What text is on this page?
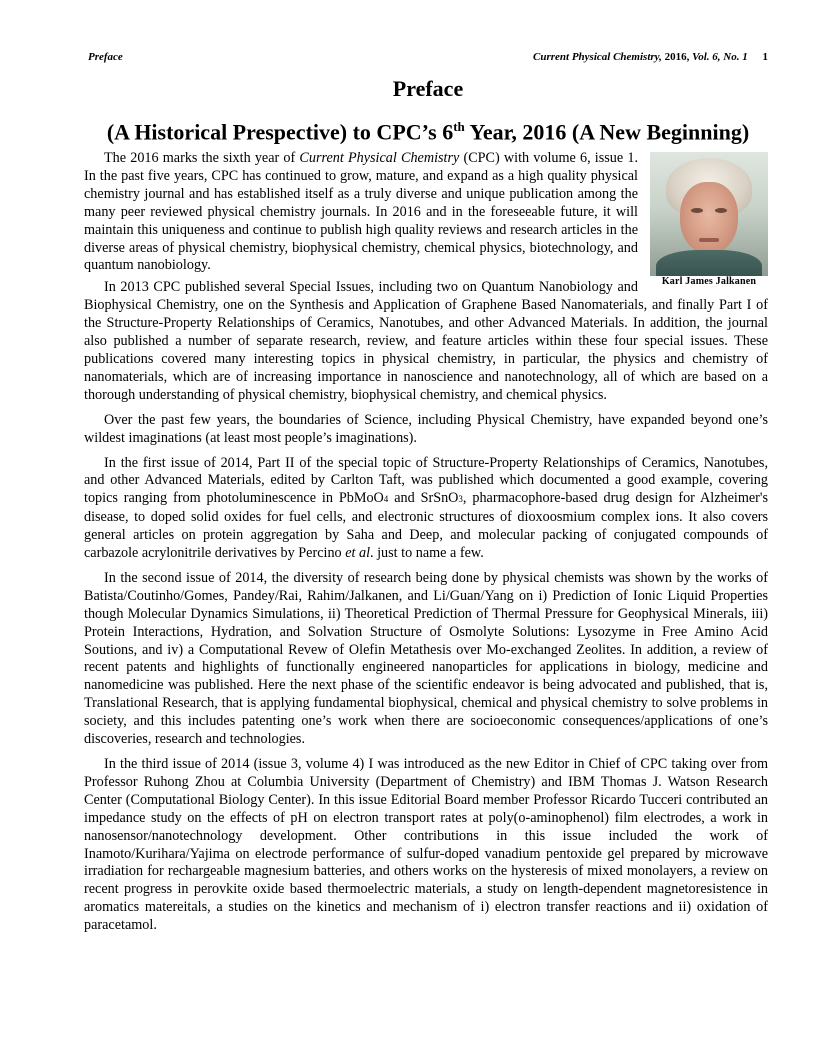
Preface	Current Physical Chemistry, 2016, Vol. 6, No. 1 1
Preface
(A Historical Prespective) to CPC’s 6th Year, 2016 (A New Beginning)
Karl James Jalkanen

The 2016 marks the sixth year of Current Physical Chemistry (CPC) with volume 6, issue 1. In the past five years, CPC has continued to grow, mature, and expand as a high quality physical chemistry journal and has established itself as a truly diverse and unique publication among the many peer reviewed physical chemistry journals. In 2016 and in the foreseeable future, it will maintain this uniqueness and continue to publish high quality reviews and research articles in the diverse areas of physical chemistry, biophysical chemistry, chemical physics, biotechnology, and quantum nanobiology.

In 2013 CPC published several Special Issues, including two on Quantum Nanobiology and Biophysical Chemistry, one on the Synthesis and Application of Graphene Based Nanomaterials, and finally Part I of the Structure-Property Relationships of Ceramics, Nanotubes, and other Advanced Materials. In addition, the journal also published a number of separate research, review, and feature articles within these four special issues. These publications covered many interesting topics in physical chemistry, in particular, the physics and chemistry of nanomaterials, which are of increasing importance in nanoscience and nanotechnology, all of which are based on a thorough understanding of physical chemistry, biophysical chemistry, and chemical physics.

Over the past few years, the boundaries of Science, including Physical Chemistry, have expanded beyond one’s wildest imaginations (at least most people’s imaginations).

In the first issue of 2014, Part II of the special topic of Structure-Property Relationships of Ceramics, Nanotubes, and other Advanced Materials, edited by Carlton Taft, was published which documented a good example, covering topics ranging from photoluminescence in PbMoO4 and SrSnO3, pharmacophore-based drug design for Alzheimer's disease, to doped solid oxides for fuel cells, and electronic structures of dioxoosmium complex ions. It also covers general articles on protein aggregation by Saha and Deep, and molecular packing of conjugated compounds of carbazole acrylonitrile derivatives by Percino et al. just to name a few.

In the second issue of 2014, the diversity of research being done by physical chemists was shown by the works of Batista/Coutinho/Gomes, Pandey/Rai, Rahim/Jalkanen, and Li/Guan/Yang on i) Prediction of Ionic Liquid Properties though Molecular Dynamics Simulations, ii) Theoretical Prediction of Thermal Pressure for Geophysical Minerals, iii) Protein Interactions, Hydration, and Solvation Structure of Osmolyte Solutions: Lysozyme in Free Amino Acid Soutions, and iv) a Computational Revew of Olefin Metathesis over Mo-exchanged Zeolites. In addition, a review of recent patents and highlights of functionally engineered nanoparticles for applications in biology, medicine and nanomedicine was published. Here the next phase of the scientific endeavor is being advocated and published, that is, Translational Research, that is applying fundamental biophysical, chemical and physical chemistry to solve problems in society, and this includes patenting one’s work when there are socioeconomic consequences/applications of one’s discoveries, research and technologies.

In the third issue of 2014 (issue 3, volume 4) I was introduced as the new Editor in Chief of CPC taking over from Professor Ruhong Zhou at Columbia University (Department of Chemistry) and IBM Thomas J. Watson Research Center (Computational Biology Center). In this issue Editorial Board member Professor Ricardo Tucceri contributed an impedance study on the effects of pH on electron transport rates at poly(o-aminophenol) film electrodes, a work in nanosensor/nanotechnology development. Other contributions in this issue included the work of Inamoto/Kurihara/Yajima on electrode performance of sulfur-doped vanadium pentoxide gel prepared by microwave irradiation for rechargeable magnesium batteries, and others works on the hysteresis of mixed monolayers, a review on recent progress in perovkite oxide based thermoelectric materials, a study on length-dependent magnetoresistence in aromatics matereitals, a studies on the kinetics and mechanism of i) electron transfer reactions and ii) oxidation of paracetamol.
